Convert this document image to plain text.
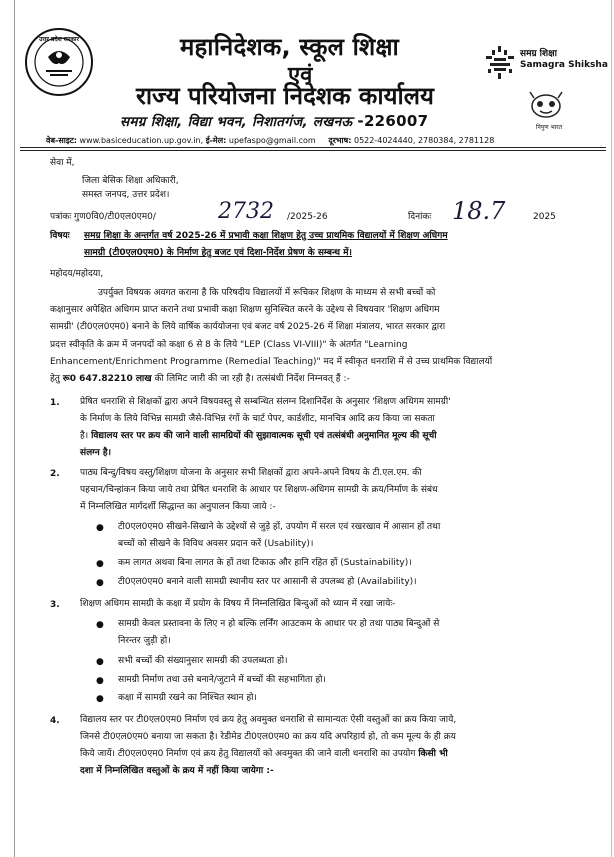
उत्तर प्रदेश सरकार	महानिदेशक, स्कूल शिक्षा
एवं
राज्य परियोजना निदेशक कार्यालय
समग्र शिक्षा, विद्या भवन, निशातगंज, लखनऊ -226007
समग्र शिक्षा
Samagra Shiksha
निपुण भारत
वेब-साइट: www.basiceducation.up.gov.in, ई-मेल: upefaspo@gmail.com दूरभाष: 0522-4024440, 2780384, 2781128
सेवा में,
जिला बेसिक शिक्षा अधिकारी,
समस्त जनपद, उत्तर प्रदेश।
पत्रांकः गुण0वि0/टी0एल0एम0/	2732 /2025-26	दिनांकः 18.7	2025
विषयः समग्र शिक्षा के अन्तर्गत वर्ष 2025-26 में प्रभावी कक्षा शिक्षण हेतु उच्च प्राथमिक विद्यालयों में शिक्षण अधिगम
सामग्री (टी0एल0एम0) के निर्माण हेतु बजट एवं दिशा-निर्देश प्रेषण के सम्बन्ध में।
महोदय/महोदया,
उपर्युक्त विषयक अवगत कराना है कि परिषदीय विद्यालयों में रूचिकर शिक्षण के माध्यम से सभी बच्चों को
कक्षानुसार अपेक्षित अधिगम प्राप्त कराने तथा प्रभावी कक्षा शिक्षण सुनिश्चित करने के उद्देश्य से विषयवार 'शिक्षण अधिगम
सामग्री' (टी0एल0एम0) बनाने के लिये वार्षिक कार्ययोजना एवं बजट वर्ष 2025-26 में शिक्षा मंत्रालय, भारत सरकार द्वारा
प्रदत्त स्वीकृति के क्रम में जनपदों को कक्षा 6 से 8 के लिये "LEP (Class VI-VIII)" के अंतर्गत "Learning
Enhancement/Enrichment Programme (Remedial Teaching)" मद में स्वीकृत धनराशि में से उच्च प्राथमिक विद्यालयों
हेतु रू0 647.82210 लाख की लिमिट जारी की जा रही है। तत्संबंधी निर्देश निम्नवत् हैं :-
1. प्रेषित धनराशि से शिक्षकों द्वारा अपने विषयवस्तु से सम्बन्धित संलग्न दिशानिर्देश के अनुसार 'शिक्षण अधिगम सामग्री'
के निर्माण के लिये विभिन्न सामग्री जैसे-विभिन्न रंगों के चार्ट पेपर, कार्डशीट, मानचित्र आदि क्रय किया जा सकता
है। विद्यालय स्तर पर क्रय की जाने वाली सामग्रियों की सुझावात्मक सूची एवं तत्संबंधी अनुमानित मूल्य की सूची
संलग्न है।
2. पाठ्य बिन्दु/विषय वस्तु/शिक्षण योजना के अनुसार सभी शिक्षकों द्वारा अपने-अपने विषय के टी.एल.एम. की
पहचान/चिन्हांकन किया जाये तथा प्रेषित धनराशि के आधार पर शिक्षण-अधिगम सामग्री के क्रय/निर्माण के संबंध
में निम्नलिखित मार्गदर्शी सिद्धान्त का अनुपालन किया जाये :-
● टी0एल0एम0 सीखने-सिखाने के उद्देश्यों से जुड़े हों, उपयोग में सरल एवं रखरखाव में आसान हों तथा
बच्चों को सीखने के विविध अवसर प्रदान करें (Usability)।
● कम लागत अथवा बिना लागत के हों तथा टिकाऊ और हानि रहित हों (Sustainability)।
● टी0एल0एम0 बनाने वाली सामग्री स्थानीय स्तर पर आसानी से उपलब्ध हो (Availability)।
3. शिक्षण अधिगम सामग्री के कक्षा में प्रयोग के विषय में निम्नलिखित बिन्दुओं को ध्यान में रखा जायेः-
● सामग्री केवल प्रस्तावना के लिए न हो बल्कि लर्निंग आउटकम के आधार पर हो तथा पाठ्य बिन्दुओं से
निरन्तर जुड़ी हो।
● सभी बच्चों की संख्यानुसार सामग्री की उपलब्धता हो।
● सामग्री निर्माण तथा उसे बनाने/जुटाने में बच्चों की सहभागिता हो।
● कक्षा में सामग्री रखने का निश्चित स्थान हो।
4. विद्यालय स्तर पर टी0एल0एम0 निर्माण एवं क्रय हेतु अवमुक्त धनराशि से सामान्यतः ऐसी वस्तुओं का क्रय किया जाये,
जिनसे टी0एल0एम0 बनाया जा सकता है। रेडीमेड टी0एल0एम0 का क्रय यदि अपरिहार्य हो, तो कम मूल्य के ही क्रय
किये जायें। टी0एल0एम0 निर्माण एवं क्रय हेतु विद्यालयों को अवमुक्त की जाने वाली धनराशि का उपयोग किसी भी
दशा में निम्नलिखित वस्तुओं के क्रय में नहीं किया जायेगा :-
